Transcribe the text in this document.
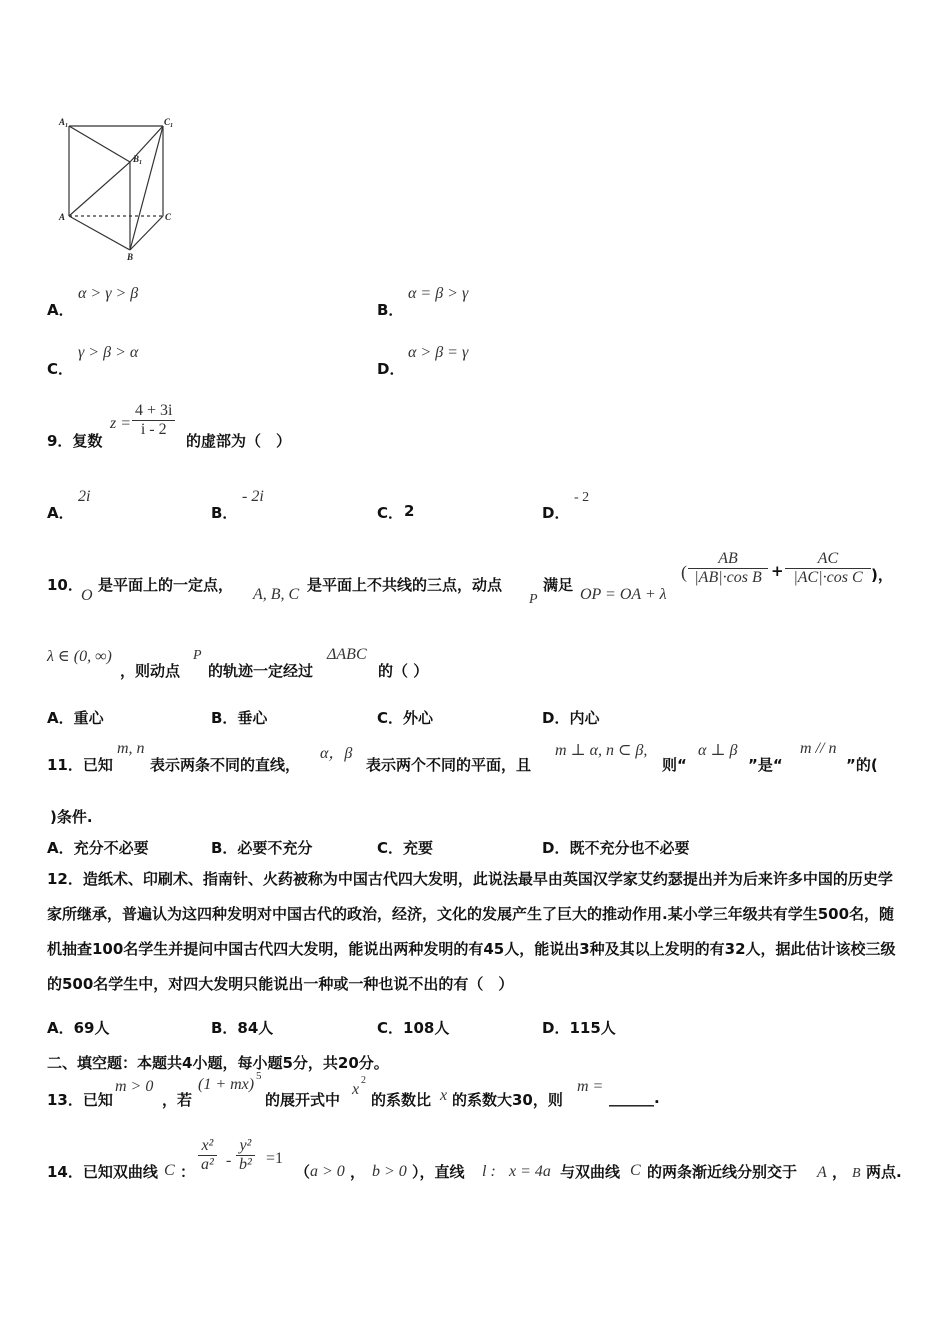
$A_1$	$C_1$
$B_1$
A	C
B
A．
α > γ > β
B．
α = β > γ
C．
γ > β > α
D．
α > β = γ
9．复数
$z = \frac{4 + 3i}{i - 2}$
的虚部为（　）
A．
2i
B．
- 2i
C． 2	D．
- 2
10．
O
是平面上的一定点，
A, B, C
是平面上不共线的三点，动点
P
满足
OP = OA + λ
( $\frac{AB}{\text{|AB|·cos B}} + \frac{AC}{\text{|AC|·cos C}}$ )，
λ ∈ (0, ∞)
，则动点
P
的轨迹一定经过
ΔABC
的（ ）
A．重心	B．垂心	C．外心	D．内心
11．已知
m, n
表示两条不同的直线，
α，β
表示两个不同的平面，且
m ⊥ α, n ⊂ β,
则“
α ⊥ β
”是“
m // n
”的(
)条件.
A．充分不必要	B．必要不充分	C．充要	D．既不充分也不必要
12．造纸术、印刷术、指南针、火药被称为中国古代四大发明，此说法最早由英国汉学家艾约瑟提出并为后来许多中国的历史学家所继承，普遍认为这四种发明对中国古代的政治，经济，文化的发展产生了巨大的推动作用.某小学三年级共有学生500名，随机抽查100名学生并提问中国古代四大发明，能说出两种发明的有45人，能说出3种及其以上发明的有32人，据此估计该校三级的500名学生中，对四大发明只能说出一种或一种也说不出的有（　）
A．69人	B．84人	C．108人	D．115人
二、填空题：本题共4小题，每小题5分，共20分。
13．已知
m > 0
，若
(1 + mx) 5
的展开式中
x
2
的系数比 x 的系数大30，则
m =
______.
14．已知双曲线 C ： $\frac{\text{x²}}{\text{a²}} - \frac{\text{y²}}{\text{b²}} =1$
（ a > 0 ， b > 0 ），直线 l : x = 4a 与双曲线 C 的两条渐近线分别交于 A ， B 两点.
